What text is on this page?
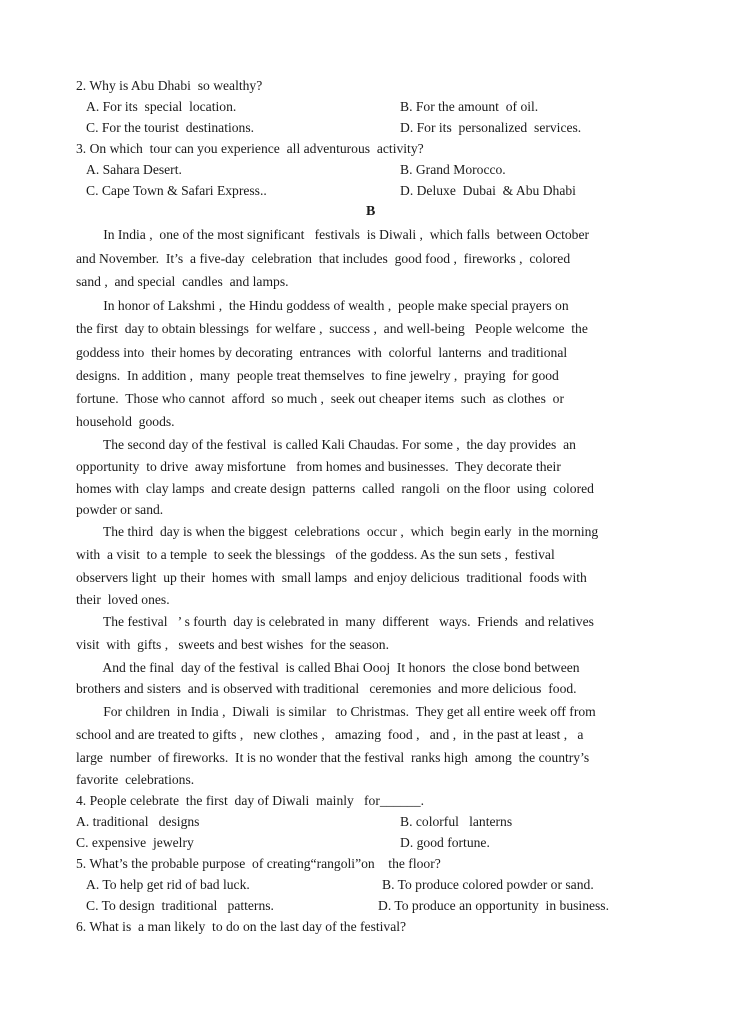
2. Why is Abu Dhabi  so wealthy?
A. For its  special  location.	B. For the amount  of oil.
C. For the tourist  destinations.	D. For its  personalized  services.
3. On which  tour can you experience  all adventurous  activity?
A. Sahara Desert.	B. Grand Morocco.
C. Cape Town & Safari Express..	D. Deluxe  Dubai  & Abu Dhabi
B
In India ,  one of the most significant   festivals  is Diwali ,  which falls  between October
and November.  It’s  a five-day  celebration  that includes  good food ,  fireworks ,  colored
sand ,  and special  candles  and lamps.
In honor of Lakshmi ,  the Hindu goddess of wealth ,  people make special prayers on
the first  day to obtain blessings  for welfare ,  success ,  and well-being   People welcome  the
goddess into  their homes by decorating  entrances  with  colorful  lanterns  and traditional
designs.  In addition ,  many  people treat themselves  to fine jewelry ,  praying  for good
fortune.  Those who cannot  afford  so much ,  seek out cheaper items  such  as clothes  or
household  goods.
The second day of the festival  is called Kali Chaudas. For some ,  the day provides  an
opportunity  to drive  away misfortune   from homes and businesses.  They decorate their
homes with  clay lamps  and create design  patterns  called  rangoli  on the floor  using  colored
powder or sand.
The third  day is when the biggest  celebrations  occur ,  which  begin early  in the morning
with  a visit  to a temple  to seek the blessings   of the goddess. As the sun sets ,  festival
observers light  up their  homes with  small lamps  and enjoy delicious  traditional  foods with
their  loved ones.
The festival   ’ s fourth  day is celebrated in  many  different   ways.  Friends  and relatives
visit  with  gifts ,   sweets and best wishes  for the season.
And the final  day of the festival  is called Bhai Oooj  It honors  the close bond between
brothers and sisters  and is observed with traditional   ceremonies  and more delicious  food.
For children  in India ,  Diwali  is similar   to Christmas.  They get all entire week off from
school and are treated to gifts ,   new clothes ,   amazing  food ,   and ,  in the past at least ,   a
large  number  of fireworks.  It is no wonder that the festival  ranks high  among  the country’s
favorite  celebrations.
4. People celebrate  the first  day of Diwali  mainly   for______.
A. traditional   designs	B. colorful   lanterns
C. expensive  jewelry	D. good fortune.
5. What’s the probable purpose  of creating“rangoli”on    the floor?
A. To help get rid of bad luck.	B. To produce colored powder or sand.
C. To design  traditional   patterns.	D. To produce an opportunity  in business.
6. What is  a man likely  to do on the last day of the festival?
